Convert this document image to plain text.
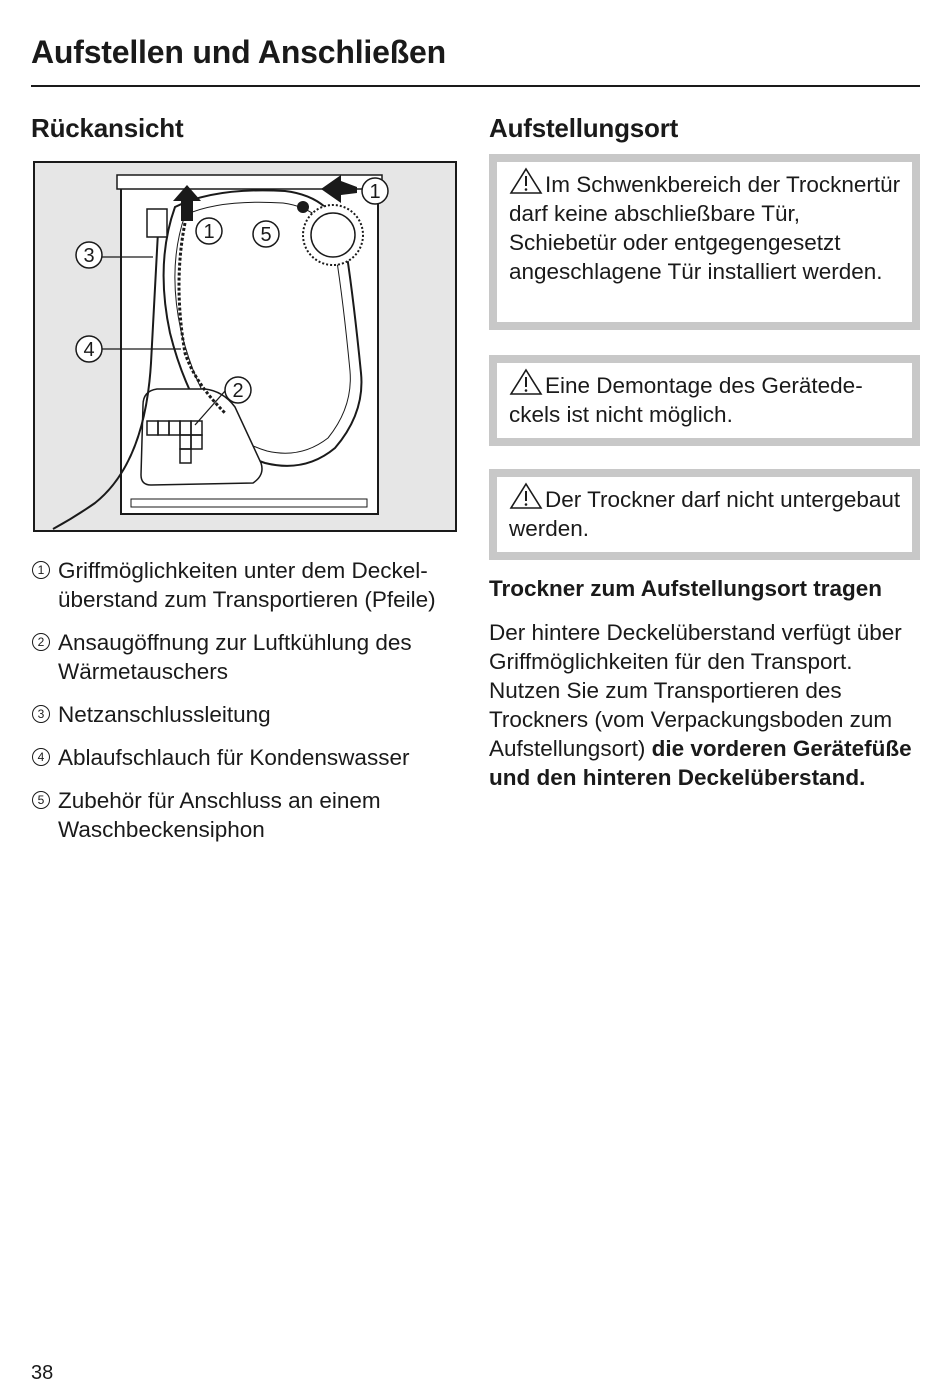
Aufstellen und Anschließen
Rückansicht	Aufstellungsort
1 5
1
3
4
2
1 Griffmöglichkeiten unter dem Deckelüberstand zum Transportieren (Pfeile)
2 Ansaugöffnung zur Luftkühlung des Wärmetauschers
3 Netzanschlussleitung
4 Ablaufschlauch für Kondenswasser
5 Zubehör für Anschluss an einem Waschbeckensiphon
Im Schwenkbereich der Trocknertür darf keine abschließbare Tür, Schiebetür oder entgegengesetzt angeschlagene Tür installiert werden.
Eine Demontage des Gerätedeckels ist nicht möglich.
Der Trockner darf nicht untergebaut werden.
Trockner zum Aufstellungsort tragen

Der hintere Deckelüberstand verfügt über Griffmöglichkeiten für den Transport. Nutzen Sie zum Transportieren des Trockners (vom Verpackungsboden zum Aufstellungsort) die vorderen Gerätefüße und den hinteren Deckelüberstand.

38
